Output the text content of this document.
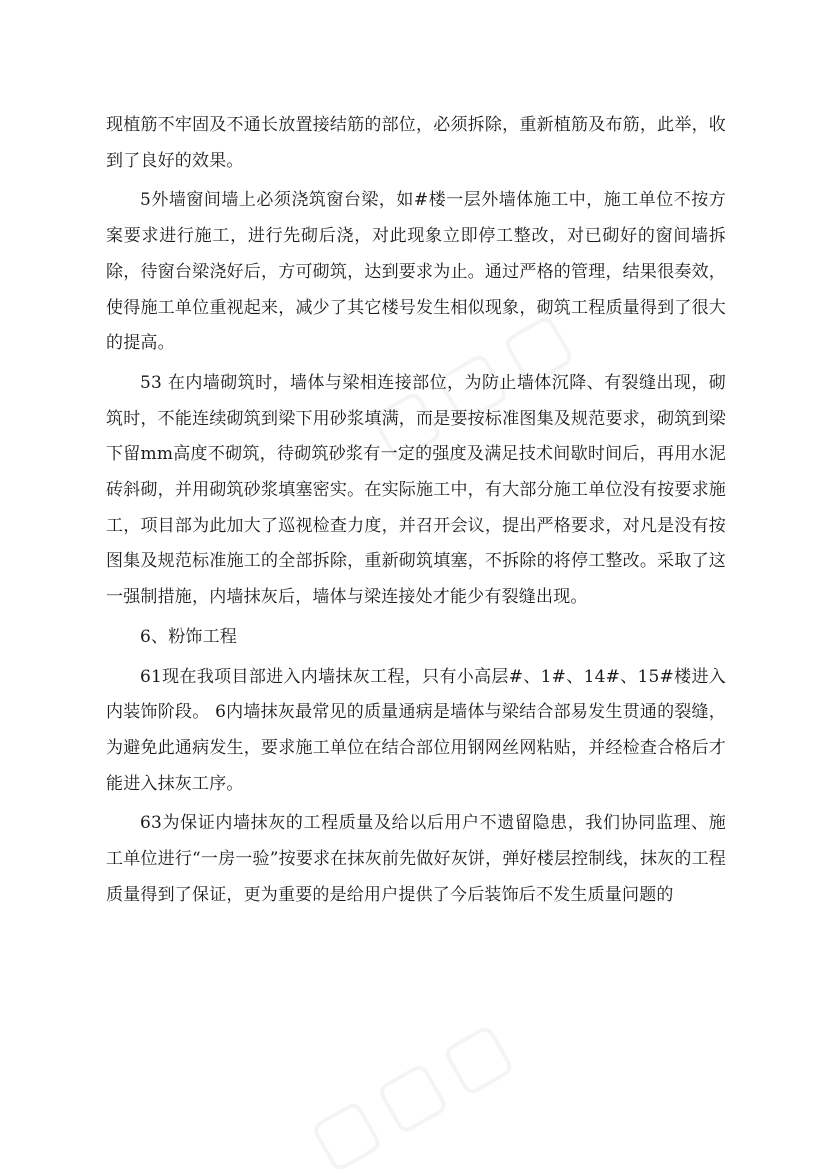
现植筋不牢固及不通长放置接结筋的部位，必须拆除，重新植筋及布筋，此举，收到了良好的效果。

5外墙窗间墙上必须浇筑窗台梁，如#楼一层外墙体施工中，施工单位不按方案要求进行施工，进行先砌后浇，对此现象立即停工整改，对已砌好的窗间墙拆除，待窗台梁浇好后，方可砌筑，达到要求为止。通过严格的管理，结果很奏效，使得施工单位重视起来，减少了其它楼号发生相似现象，砌筑工程质量得到了很大的提高。

53 在内墙砌筑时，墙体与梁相连接部位，为防止墙体沉降、有裂缝出现，砌筑时，不能连续砌筑到梁下用砂浆填满，而是要按标准图集及规范要求，砌筑到梁下留mm高度不砌筑，待砌筑砂浆有一定的强度及满足技术间歇时间后，再用水泥砖斜砌，并用砌筑砂浆填塞密实。在实际施工中，有大部分施工单位没有按要求施工，项目部为此加大了巡视检查力度，并召开会议，提出严格要求，对凡是没有按图集及规范标准施工的全部拆除，重新砌筑填塞，不拆除的将停工整改。采取了这一强制措施，内墙抹灰后，墙体与梁连接处才能少有裂缝出现。

6、粉饰工程

61现在我项目部进入内墙抹灰工程，只有小高层#、1#、14#、15#楼进入内装饰阶段。 6内墙抹灰最常见的质量通病是墙体与梁结合部易发生贯通的裂缝，为避免此通病发生，要求施工单位在结合部位用钢网丝网粘贴，并经检查合格后才能进入抹灰工序。

63为保证内墙抹灰的工程质量及给以后用户不遗留隐患，我们协同监理、施工单位进行“一房一验”按要求在抹灰前先做好灰饼，弹好楼层控制线，抹灰的工程质量得到了保证，更为重要的是给用户提供了今后装饰后不发生质量问题的
